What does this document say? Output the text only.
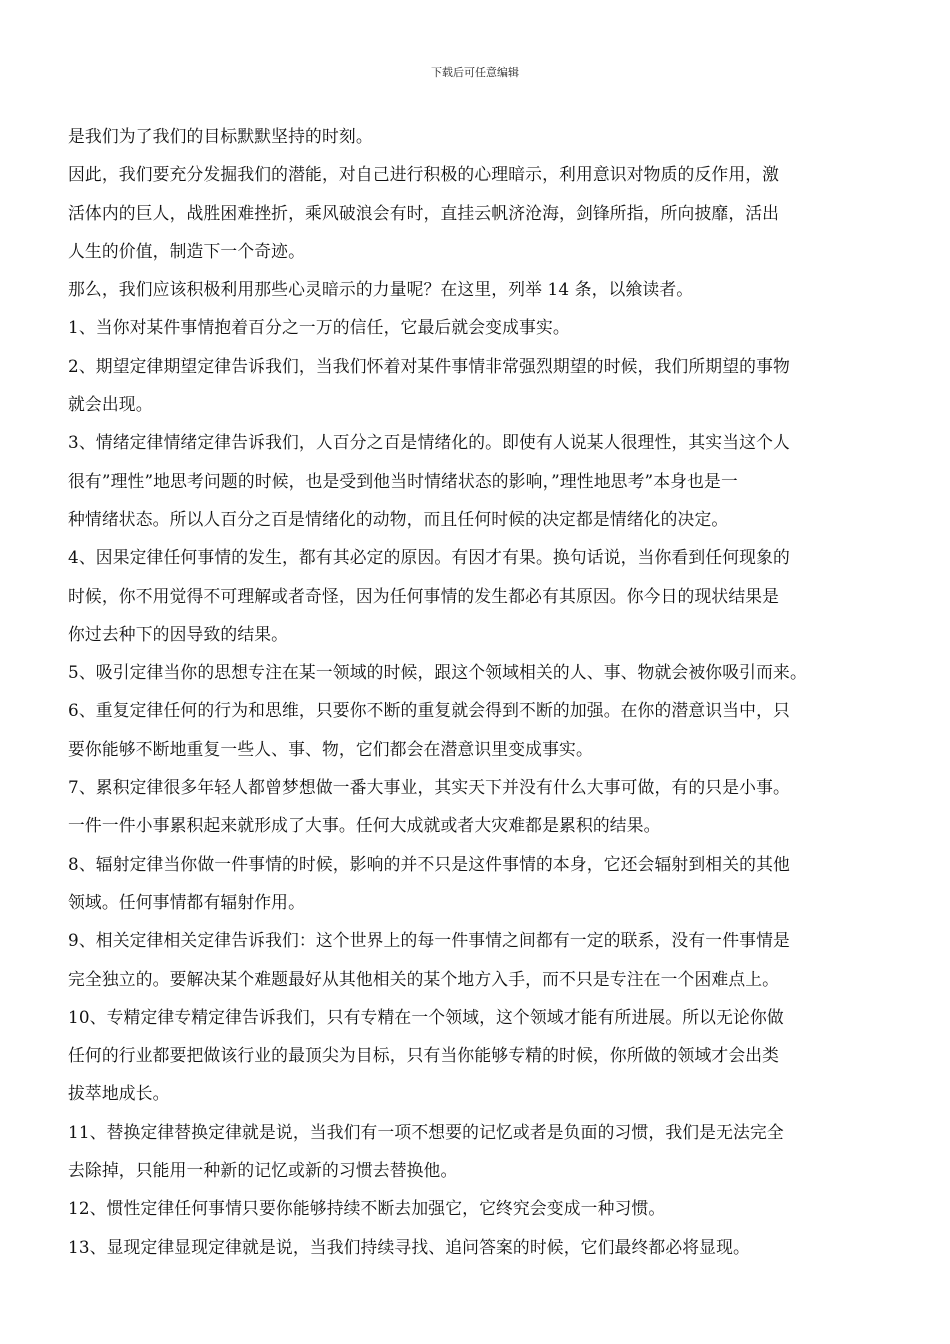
下载后可任意编辑
是我们为了我们的目标默默坚持的时刻。
因此，我们要充分发掘我们的潜能，对自己进行积极的心理暗示，利用意识对物质的反作用，激
活体内的巨人，战胜困难挫折，乘风破浪会有时，直挂云帆济沧海，剑锋所指，所向披靡，活出
人生的价值，制造下一个奇迹。
那么，我们应该积极利用那些心灵暗示的力量呢？在这里，列举 14 条，以飨读者。
1、当你对某件事情抱着百分之一万的信任，它最后就会变成事实。
2、期望定律期望定律告诉我们，当我们怀着对某件事情非常强烈期望的时候，我们所期望的事物
就会出现。
3、情绪定律情绪定律告诉我们，人百分之百是情绪化的。即使有人说某人很理性，其实当这个人
很有”理性”地思考问题的时候，也是受到他当时情绪状态的影响，”理性地思考”本身也是一
种情绪状态。所以人百分之百是情绪化的动物，而且任何时候的决定都是情绪化的决定。
4、因果定律任何事情的发生，都有其必定的原因。有因才有果。换句话说，当你看到任何现象的
时候，你不用觉得不可理解或者奇怪，因为任何事情的发生都必有其原因。你今日的现状结果是
你过去种下的因导致的结果。
5、吸引定律当你的思想专注在某一领域的时候，跟这个领域相关的人、事、物就会被你吸引而来。
6、重复定律任何的行为和思维，只要你不断的重复就会得到不断的加强。在你的潜意识当中，只
要你能够不断地重复一些人、事、物，它们都会在潜意识里变成事实。
7、累积定律很多年轻人都曾梦想做一番大事业，其实天下并没有什么大事可做，有的只是小事。
一件一件小事累积起来就形成了大事。任何大成就或者大灾难都是累积的结果。
8、辐射定律当你做一件事情的时候，影响的并不只是这件事情的本身，它还会辐射到相关的其他
领域。任何事情都有辐射作用。
9、相关定律相关定律告诉我们：这个世界上的每一件事情之间都有一定的联系，没有一件事情是
完全独立的。要解决某个难题最好从其他相关的某个地方入手，而不只是专注在一个困难点上。
10、专精定律专精定律告诉我们，只有专精在一个领域，这个领域才能有所进展。所以无论你做
任何的行业都要把做该行业的最顶尖为目标，只有当你能够专精的时候，你所做的领域才会出类
拔萃地成长。
11、替换定律替换定律就是说，当我们有一项不想要的记忆或者是负面的习惯，我们是无法完全
去除掉，只能用一种新的记忆或新的习惯去替换他。
12、惯性定律任何事情只要你能够持续不断去加强它，它终究会变成一种习惯。
13、显现定律显现定律就是说，当我们持续寻找、追问答案的时候，它们最终都必将显现。
